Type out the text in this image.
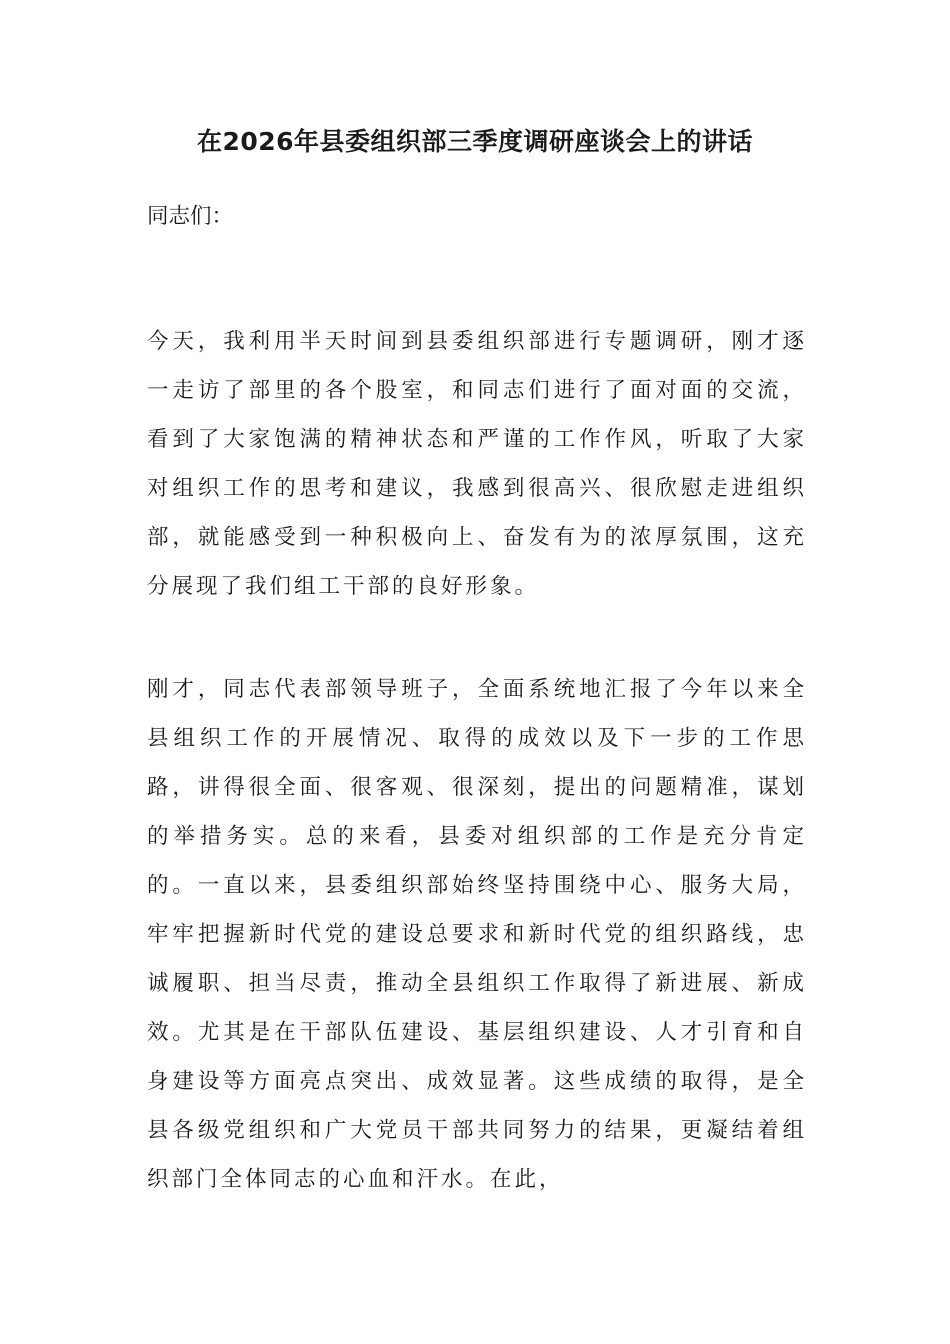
在2026年县委组织部三季度调研座谈会上的讲话

同志们：

今天，我利用半天时间到县委组织部进行专题调研，刚才逐一走访了部里的各个股室，和同志们进行了面对面的交流，看到了大家饱满的精神状态和严谨的工作作风，听取了大家对组织工作的思考和建议，我感到很高兴、很欣慰走进组织部，就能感受到一种积极向上、奋发有为的浓厚氛围，这充分展现了我们组工干部的良好形象。

刚才，同志代表部领导班子，全面系统地汇报了今年以来全县组织工作的开展情况、取得的成效以及下一步的工作思路，讲得很全面、很客观、很深刻，提出的问题精准，谋划的举措务实。总的来看，县委对组织部的工作是充分肯定的。一直以来，县委组织部始终坚持围绕中心、服务大局，牢牢把握新时代党的建设总要求和新时代党的组织路线，忠诚履职、担当尽责，推动全县组织工作取得了新进展、新成效。尤其是在干部队伍建设、基层组织建设、人才引育和自身建设等方面亮点突出、成效显著。这些成绩的取得，是全县各级党组织和广大党员干部共同努力的结果，更凝结着组织部门全体同志的心血和汗水。在此，
